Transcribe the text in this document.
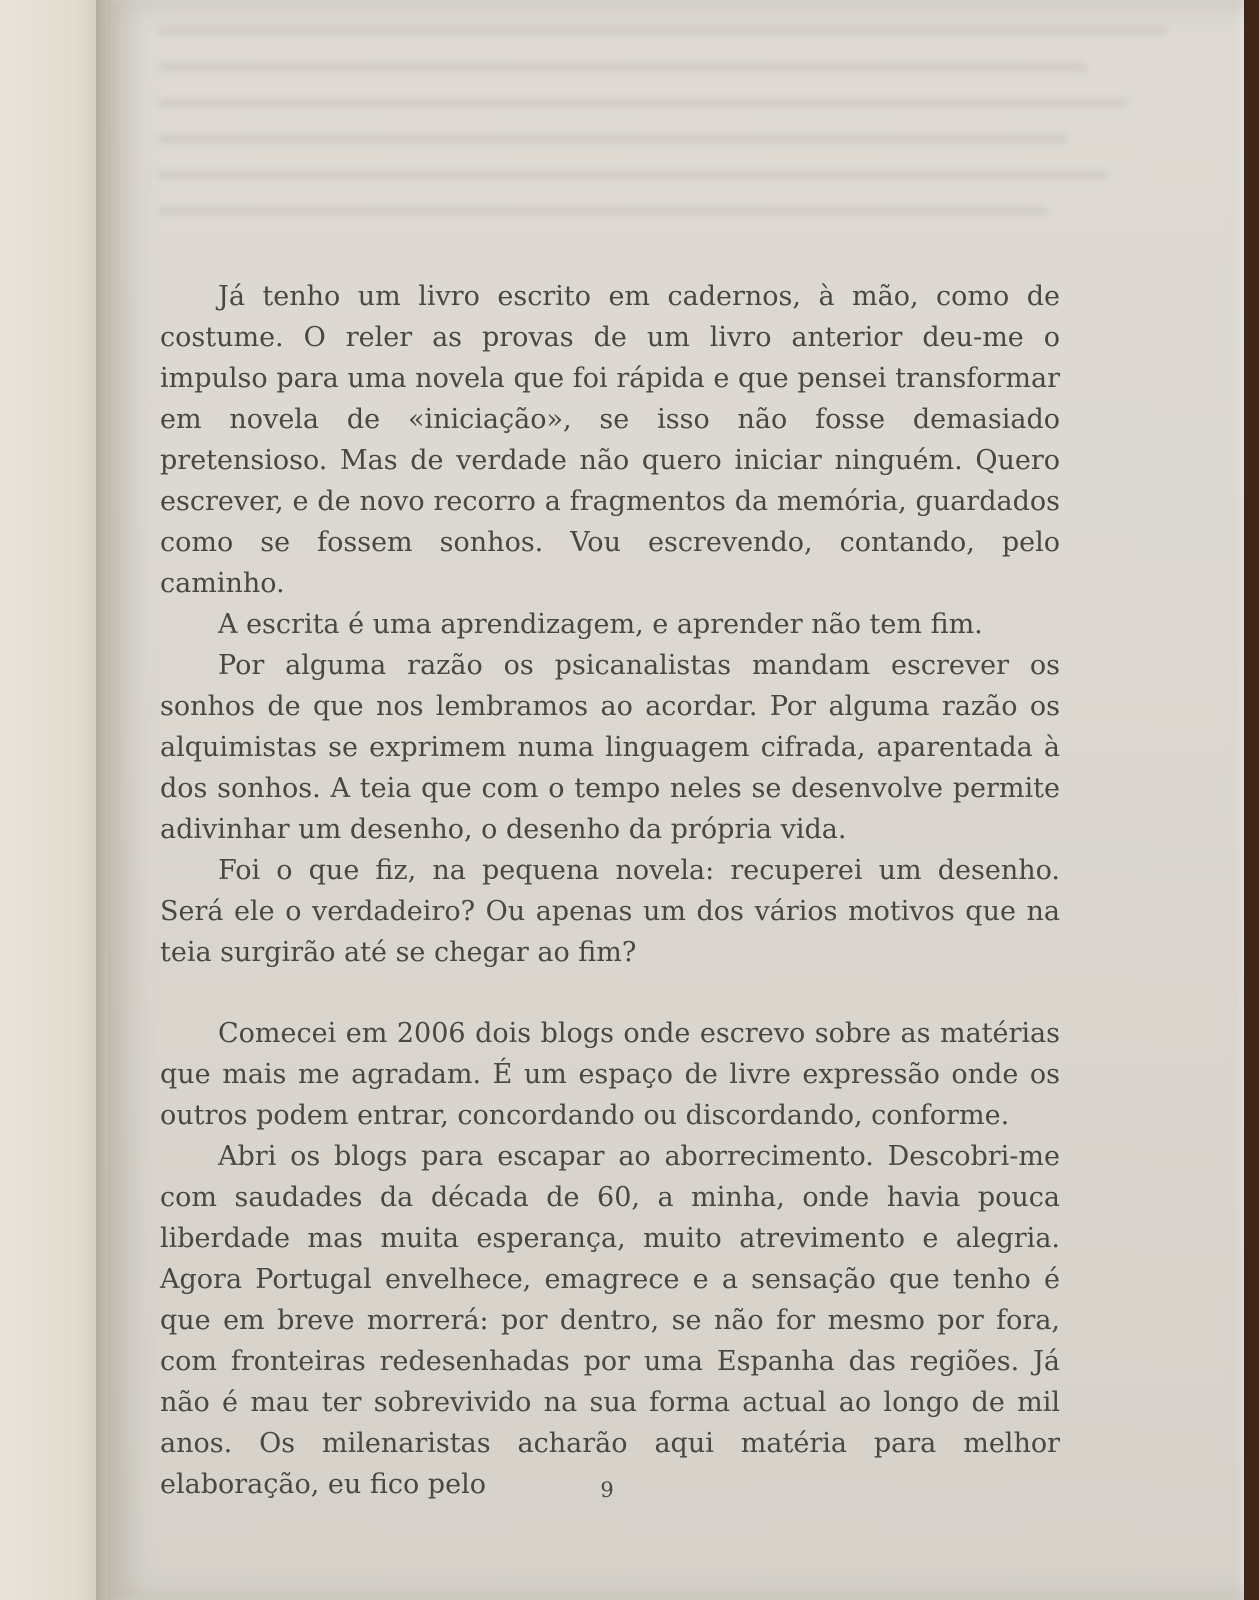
Já tenho um livro escrito em cadernos, à mão, como de costume. O reler as provas de um livro anterior deu-me o impulso para uma novela que foi rápida e que pensei transformar em novela de «iniciação», se isso não fosse demasiado pretensioso. Mas de verdade não quero iniciar ninguém. Quero escrever, e de novo recorro a fragmentos da memória, guardados como se fossem sonhos. Vou escrevendo, contando, pelo caminho.

A escrita é uma aprendizagem, e aprender não tem fim.

Por alguma razão os psicanalistas mandam escrever os sonhos de que nos lembramos ao acordar. Por alguma razão os alquimistas se exprimem numa linguagem cifrada, aparentada à dos sonhos. A teia que com o tempo neles se desenvolve permite adivinhar um desenho, o desenho da própria vida.

Foi o que fiz, na pequena novela: recuperei um desenho. Será ele o verdadeiro? Ou apenas um dos vários motivos que na teia surgirão até se chegar ao fim?

Comecei em 2006 dois blogs onde escrevo sobre as matérias que mais me agradam. É um espaço de livre expressão onde os outros podem entrar, concordando ou discordando, conforme.

Abri os blogs para escapar ao aborrecimento. Descobri-me com saudades da década de 60, a minha, onde havia pouca liberdade mas muita esperança, muito atrevimento e alegria. Agora Portugal envelhece, emagrece e a sensação que tenho é que em breve morrerá: por dentro, se não for mesmo por fora, com fronteiras redesenhadas por uma Espanha das regiões. Já não é mau ter sobrevivido na sua forma actual ao longo de mil anos. Os milenaristas acharão aqui matéria para melhor elaboração, eu fico pelo	9
